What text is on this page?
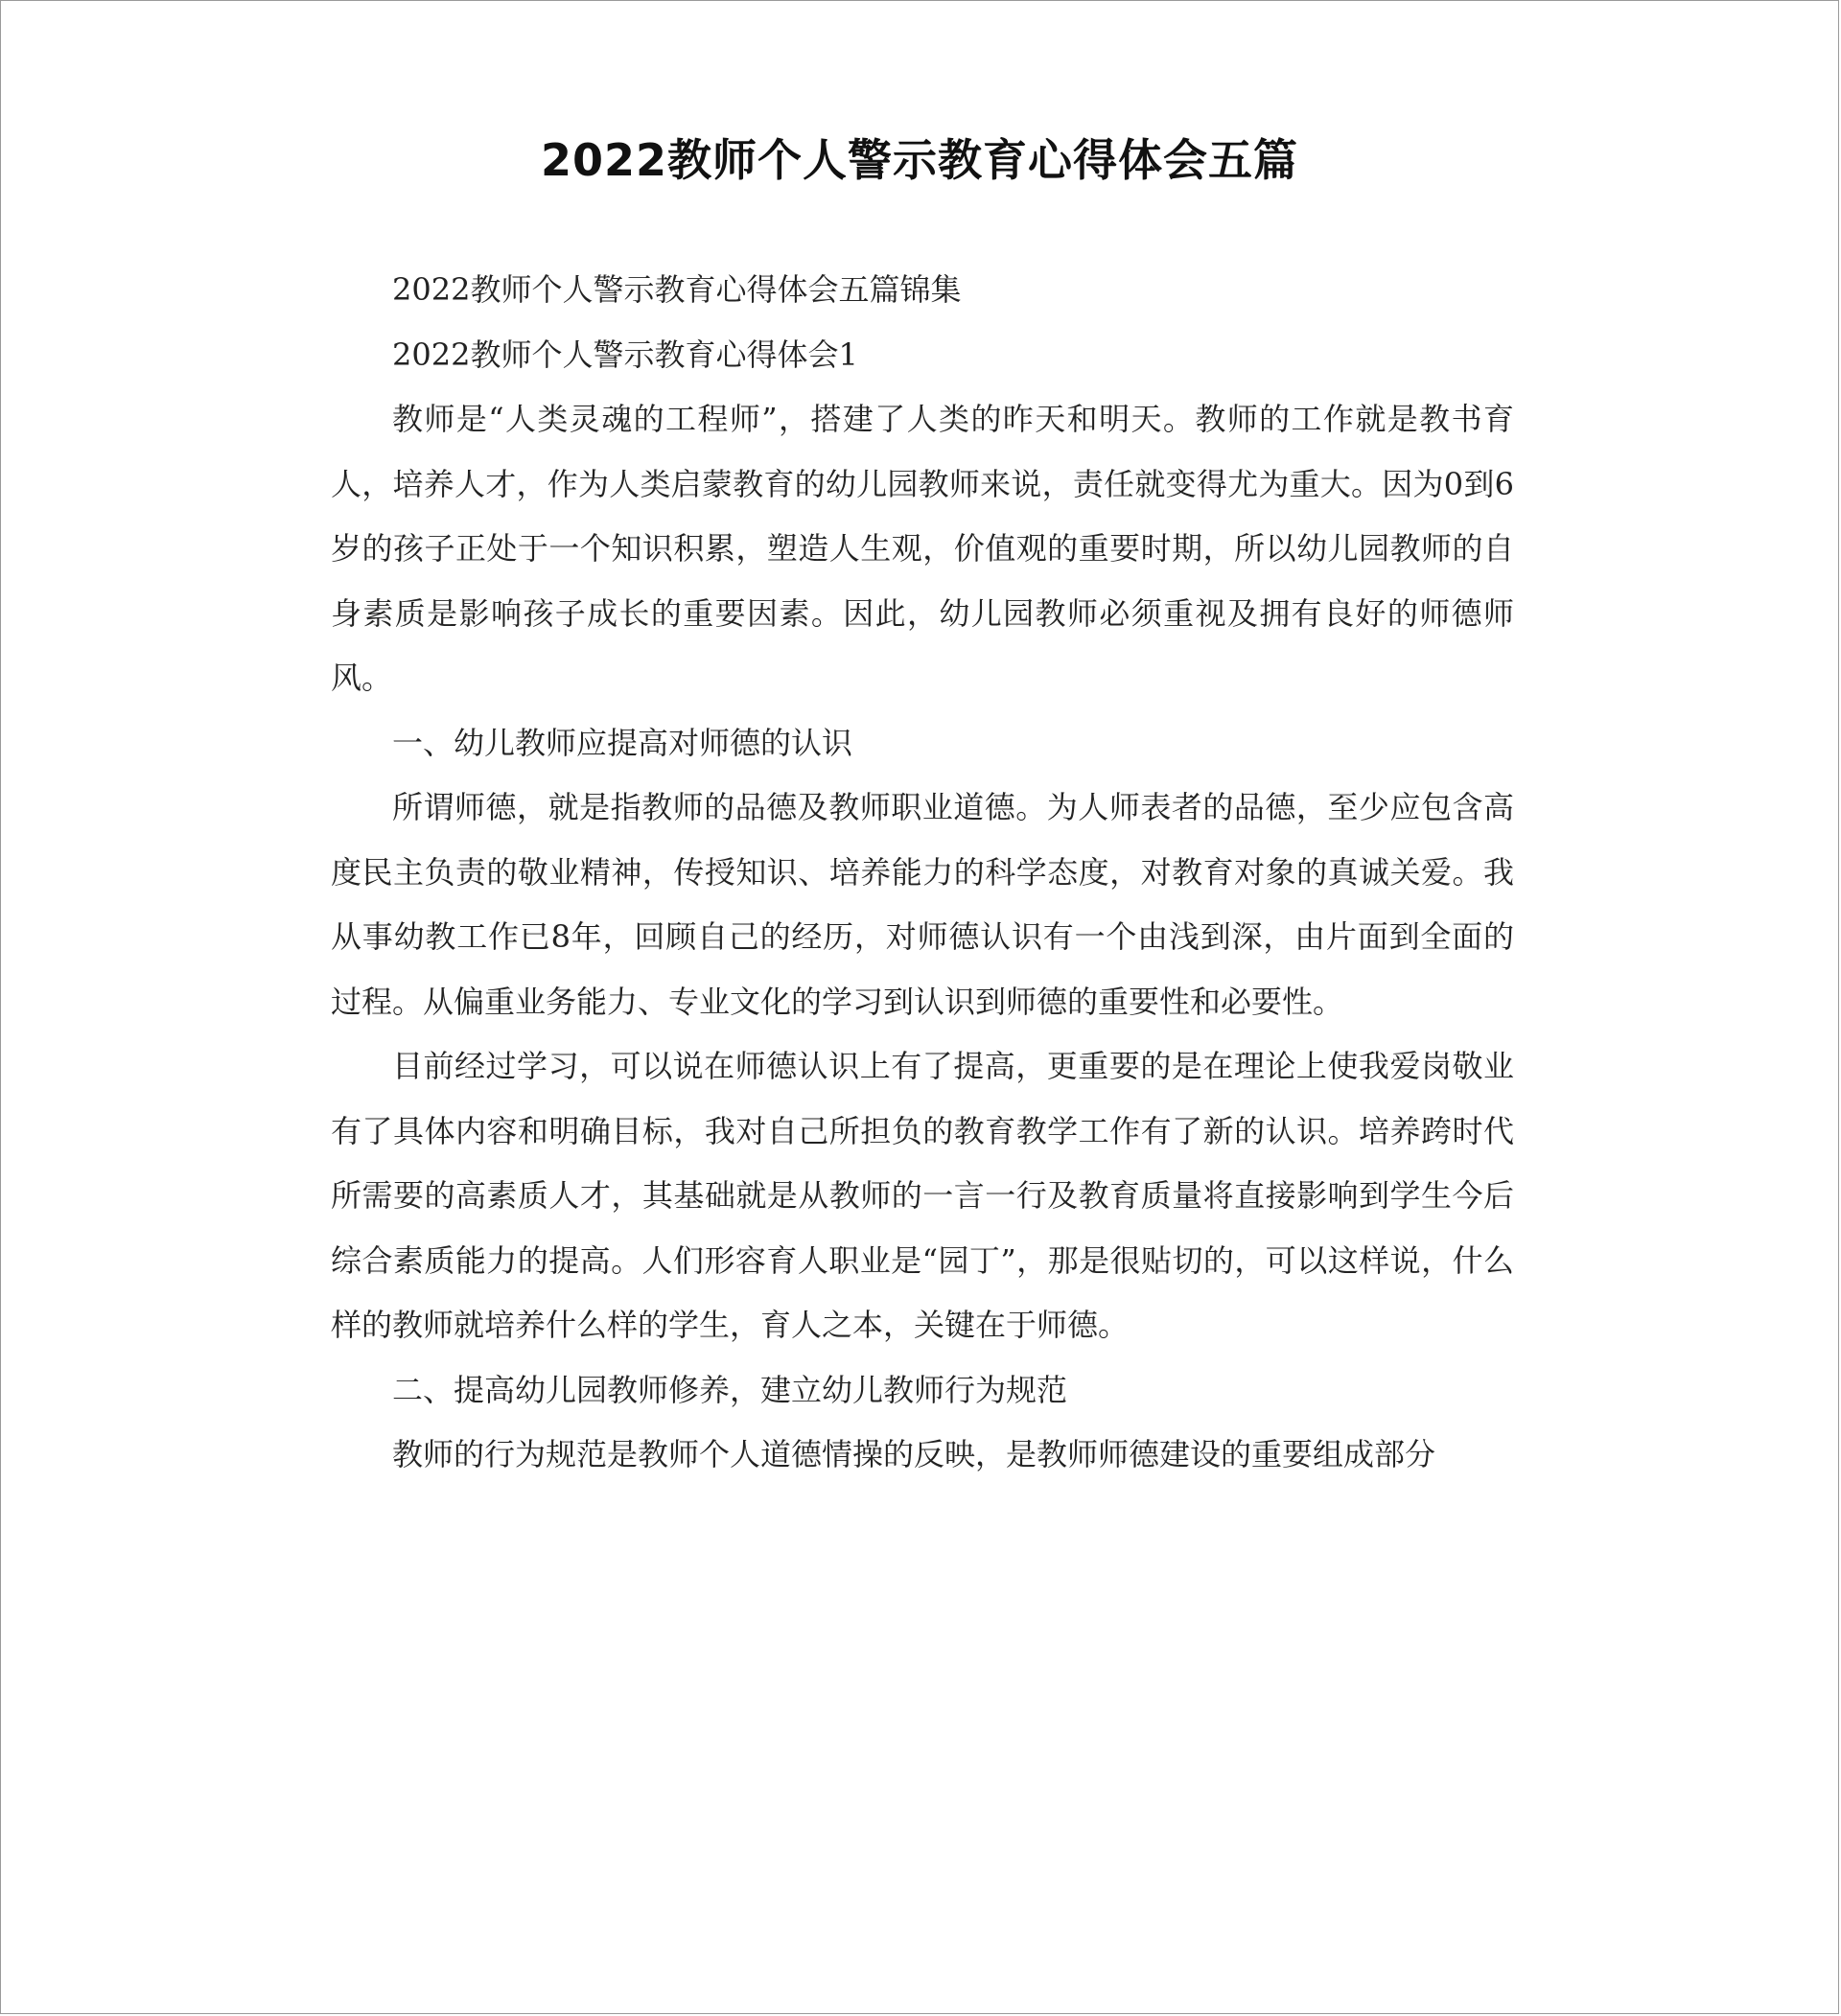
2022教师个人警示教育心得体会五篇

2022教师个人警示教育心得体会五篇锦集

2022教师个人警示教育心得体会1

教师是“人类灵魂的工程师”，搭建了人类的昨天和明天。教师的工作就是教书育人，培养人才，作为人类启蒙教育的幼儿园教师来说，责任就变得尤为重大。因为0到6岁的孩子正处于一个知识积累，塑造人生观，价值观的重要时期，所以幼儿园教师的自身素质是影响孩子成长的重要因素。因此，幼儿园教师必须重视及拥有良好的师德师风。

一、幼儿教师应提高对师德的认识

所谓师德，就是指教师的品德及教师职业道德。为人师表者的品德，至少应包含高度民主负责的敬业精神，传授知识、培养能力的科学态度，对教育对象的真诚关爱。我从事幼教工作已8年，回顾自己的经历，对师德认识有一个由浅到深，由片面到全面的过程。从偏重业务能力、专业文化的学习到认识到师德的重要性和必要性。

目前经过学习，可以说在师德认识上有了提高，更重要的是在理论上使我爱岗敬业有了具体内容和明确目标，我对自己所担负的教育教学工作有了新的认识。培养跨时代所需要的高素质人才，其基础就是从教师的一言一行及教育质量将直接影响到学生今后综合素质能力的提高。人们形容育人职业是“园丁”，那是很贴切的，可以这样说，什么样的教师就培养什么样的学生，育人之本，关键在于师德。

二、提高幼儿园教师修养，建立幼儿教师行为规范

教师的行为规范是教师个人道德情操的反映，是教师师德建设的重要组成部分
